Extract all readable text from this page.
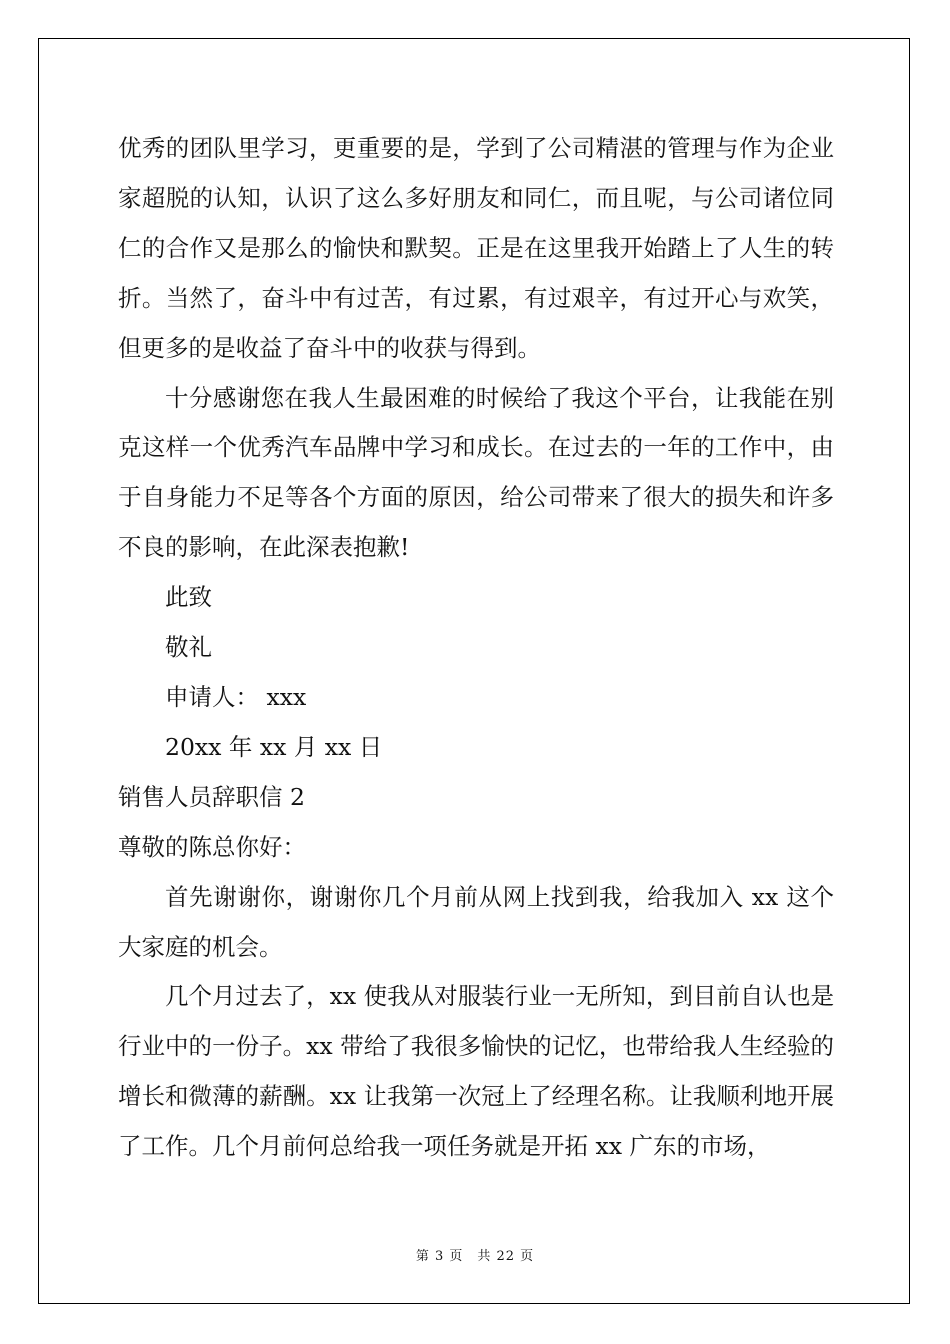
优秀的团队里学习，更重要的是，学到了公司精湛的管理与作为企业家超脱的认知，认识了这么多好朋友和同仁，而且呢，与公司诸位同仁的合作又是那么的愉快和默契。正是在这里我开始踏上了人生的转折。当然了，奋斗中有过苦，有过累，有过艰辛，有过开心与欢笑，但更多的是收益了奋斗中的收获与得到。

十分感谢您在我人生最困难的时候给了我这个平台，让我能在别克这样一个优秀汽车品牌中学习和成长。在过去的一年的工作中，由于自身能力不足等各个方面的原因，给公司带来了很大的损失和许多不良的影响，在此深表抱歉!

此致

敬礼

申请人： xxx

20xx 年 xx 月 xx 日

销售人员辞职信 2

尊敬的陈总你好：

首先谢谢你，谢谢你几个月前从网上找到我，给我加入 xx 这个大家庭的机会。

几个月过去了，xx 使我从对服装行业一无所知，到目前自认也是行业中的一份子。xx 带给了我很多愉快的记忆，也带给我人生经验的增长和微薄的薪酬。xx 让我第一次冠上了经理名称。让我顺利地开展了工作。几个月前何总给我一项任务就是开拓 xx 广东的市场，

第 3 页　共 22 页
